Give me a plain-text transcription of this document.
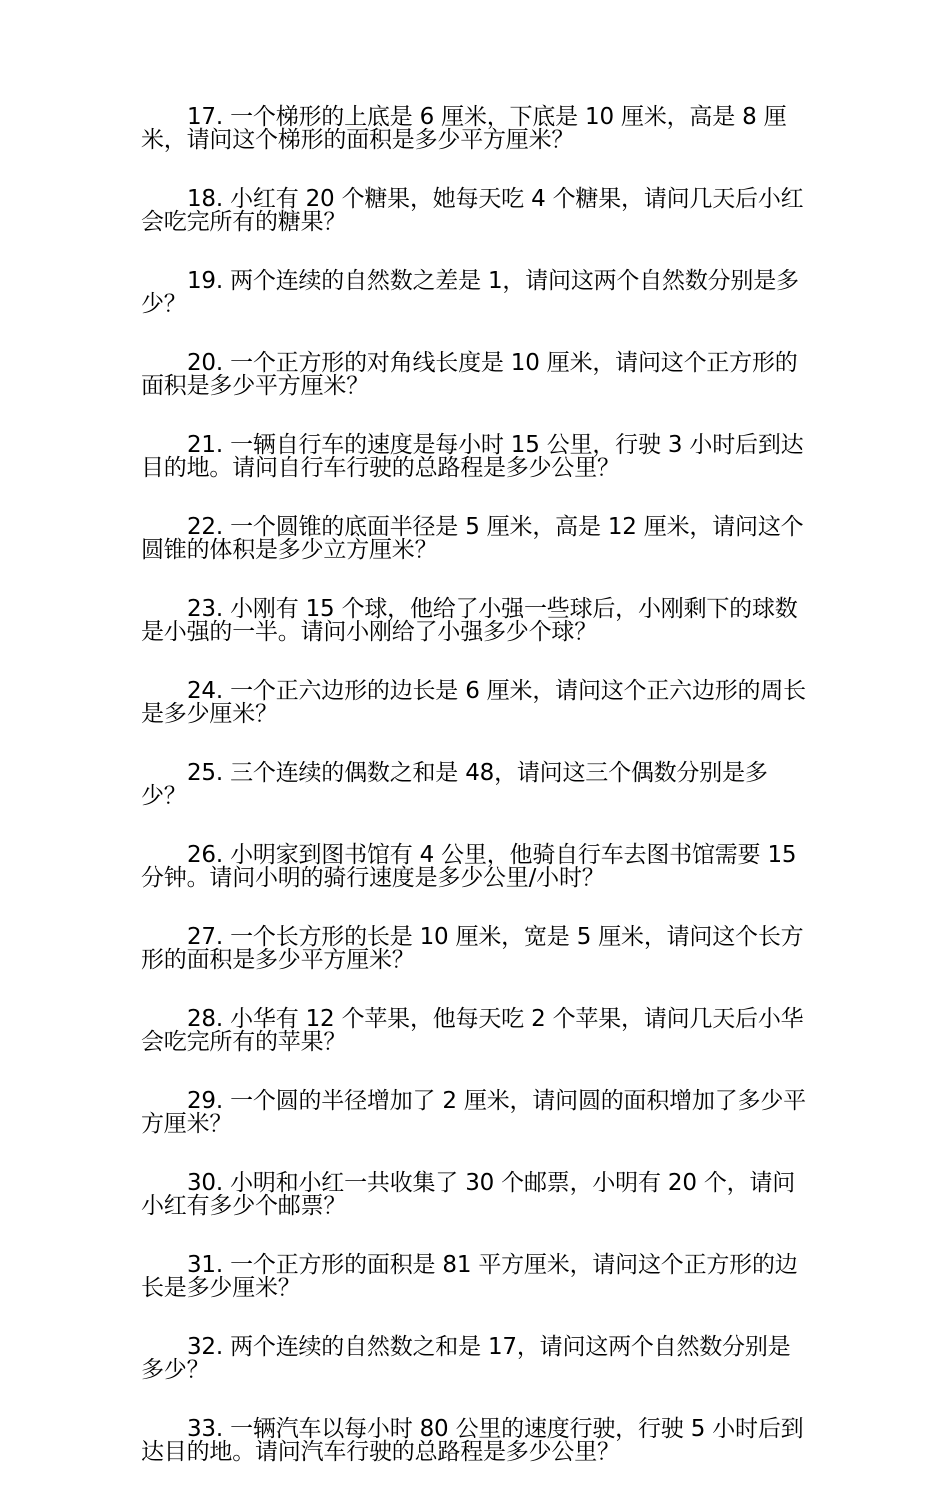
17. 一个梯形的上底是 6 厘米，下底是 10 厘米，高是 8 厘米，请问这个梯形的面积是多少平方厘米？

18. 小红有 20 个糖果，她每天吃 4 个糖果，请问几天后小红会吃完所有的糖果？

19. 两个连续的自然数之差是 1，请问这两个自然数分别是多少？

20. 一个正方形的对角线长度是 10 厘米，请问这个正方形的面积是多少平方厘米？

21. 一辆自行车的速度是每小时 15 公里，行驶 3 小时后到达目的地。请问自行车行驶的总路程是多少公里？

22. 一个圆锥的底面半径是 5 厘米，高是 12 厘米，请问这个圆锥的体积是多少立方厘米？

23. 小刚有 15 个球，他给了小强一些球后，小刚剩下的球数是小强的一半。请问小刚给了小强多少个球？

24. 一个正六边形的边长是 6 厘米，请问这个正六边形的周长是多少厘米？

25. 三个连续的偶数之和是 48，请问这三个偶数分别是多少？

26. 小明家到图书馆有 4 公里，他骑自行车去图书馆需要 15 分钟。请问小明的骑行速度是多少公里/小时？

27. 一个长方形的长是 10 厘米，宽是 5 厘米，请问这个长方形的面积是多少平方厘米？

28. 小华有 12 个苹果，他每天吃 2 个苹果，请问几天后小华会吃完所有的苹果？

29. 一个圆的半径增加了 2 厘米，请问圆的面积增加了多少平方厘米？

30. 小明和小红一共收集了 30 个邮票，小明有 20 个，请问小红有多少个邮票？

31. 一个正方形的面积是 81 平方厘米，请问这个正方形的边长是多少厘米？

32. 两个连续的自然数之和是 17，请问这两个自然数分别是多少？

33. 一辆汽车以每小时 80 公里的速度行驶，行驶 5 小时后到达目的地。请问汽车行驶的总路程是多少公里？
